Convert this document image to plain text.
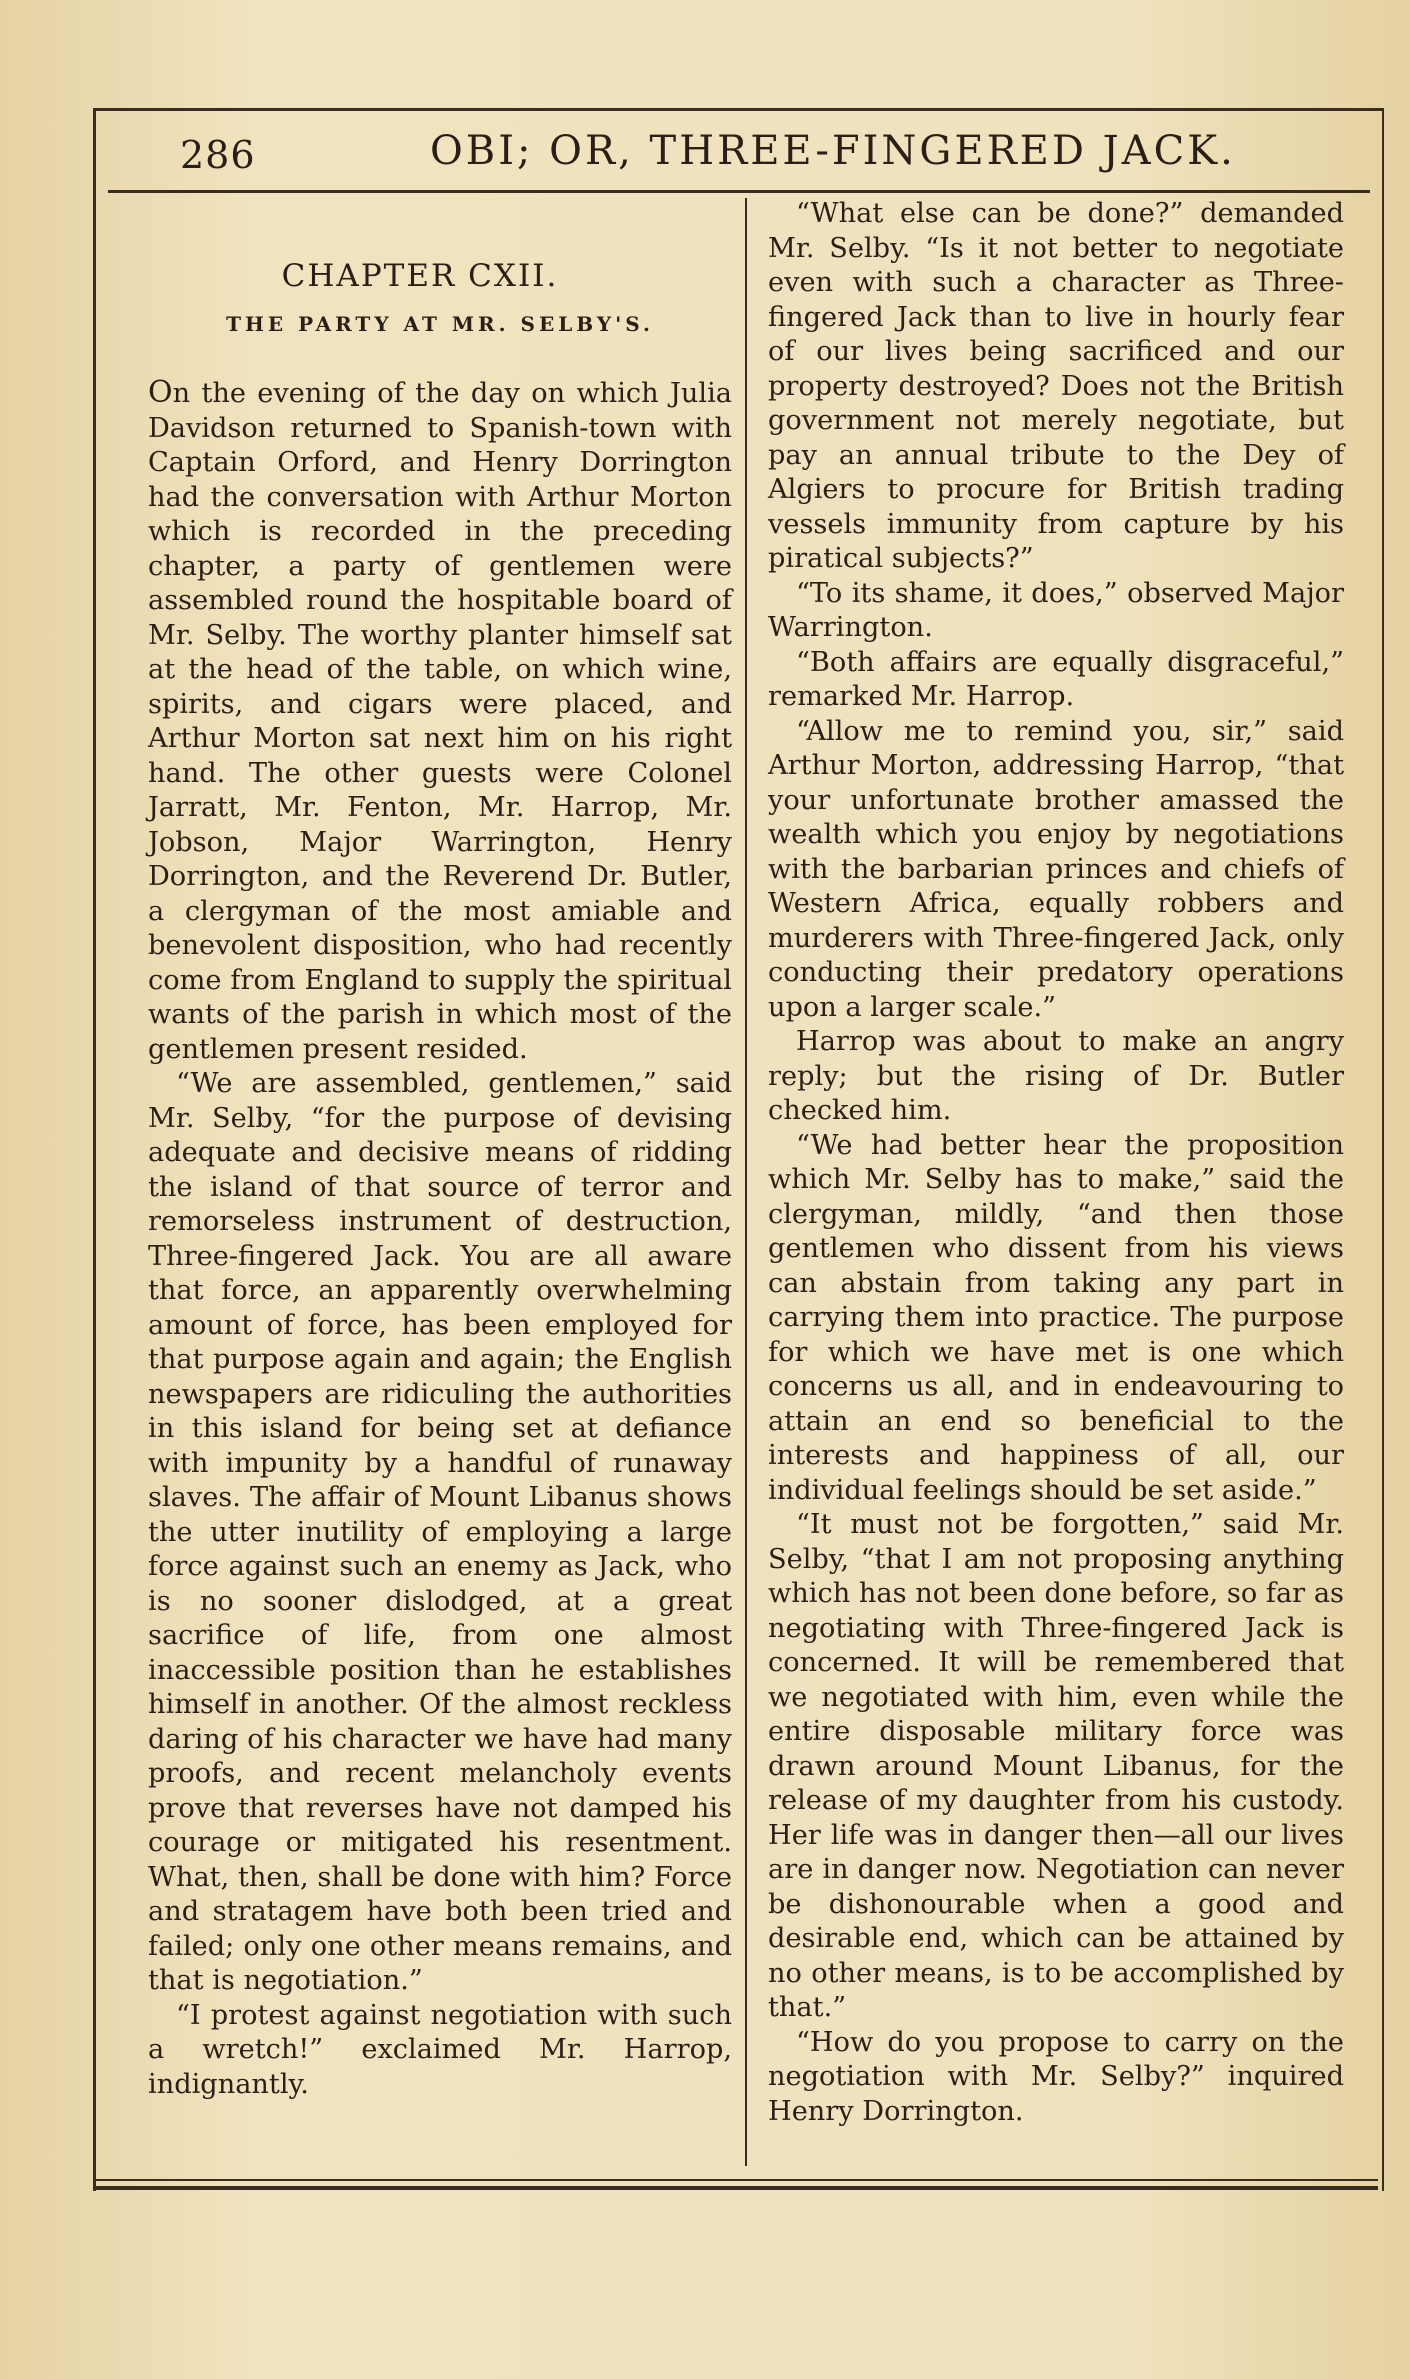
286	OBI; OR, THREE-FINGERED JACK.
CHAPTER CXII.
THE PARTY AT MR. SELBY'S.

On the evening of the day on which Julia Davidson returned to Spanish-town with Captain Orford, and Henry Dorrington had the conversation with Arthur Morton which is recorded in the preceding chapter, a party of gentlemen were assembled round the hospitable board of Mr. Selby. The worthy planter himself sat at the head of the table, on which wine, spirits, and cigars were placed, and Arthur Morton sat next him on his right hand. The other guests were Colonel Jarratt, Mr. Fenton, Mr. Harrop, Mr. Jobson, Major Warrington, Henry Dorrington, and the Reverend Dr. Butler, a clergyman of the most amiable and benevolent disposition, who had recently come from England to supply the spiritual wants of the parish in which most of the gentlemen present resided.

“We are assembled, gentlemen,” said Mr. Selby, “for the purpose of devising adequate and decisive means of ridding the island of that source of terror and remorseless instrument of destruction, Three-fingered Jack. You are all aware that force, an apparently overwhelming amount of force, has been employed for that purpose again and again; the English newspapers are ridiculing the authorities in this island for being set at defiance with impunity by a handful of runaway slaves. The affair of Mount Libanus shows the utter inutility of employing a large force against such an enemy as Jack, who is no sooner dislodged, at a great sacrifice of life, from one almost inaccessible position than he establishes himself in another. Of the almost reckless daring of his character we have had many proofs, and recent melancholy events prove that reverses have not damped his courage or mitigated his resentment. What, then, shall be done with him? Force and stratagem have both been tried and failed; only one other means remains, and that is negotiation.”

“I protest against negotiation with such a wretch!” exclaimed Mr. Harrop, indignantly.

“What else can be done?” demanded Mr. Selby. “Is it not better to negotiate even with such a character as Three-fingered Jack than to live in hourly fear of our lives being sacrificed and our property destroyed? Does not the British government not merely negotiate, but pay an annual tribute to the Dey of Algiers to procure for British trading vessels immunity from capture by his piratical subjects?”

“To its shame, it does,” observed Major Warrington.

“Both affairs are equally disgraceful,” remarked Mr. Harrop.

“Allow me to remind you, sir,” said Arthur Morton, addressing Harrop, “that your unfortunate brother amassed the wealth which you enjoy by negotiations with the barbarian princes and chiefs of Western Africa, equally robbers and murderers with Three-fingered Jack, only conducting their predatory operations upon a larger scale.”

Harrop was about to make an angry reply; but the rising of Dr. Butler checked him.

“We had better hear the proposition which Mr. Selby has to make,” said the clergyman, mildly, “and then those gentlemen who dissent from his views can abstain from taking any part in carrying them into practice. The purpose for which we have met is one which concerns us all, and in endeavouring to attain an end so beneficial to the interests and happiness of all, our individual feelings should be set aside.”

“It must not be forgotten,” said Mr. Selby, “that I am not proposing anything which has not been done before, so far as negotiating with Three-fingered Jack is concerned. It will be remembered that we negotiated with him, even while the entire disposable military force was drawn around Mount Libanus, for the release of my daughter from his custody. Her life was in danger then—all our lives are in danger now. Negotiation can never be dishonourable when a good and desirable end, which can be attained by no other means, is to be accomplished by that.”

“How do you propose to carry on the negotiation with Mr. Selby?” inquired Henry Dorrington.
